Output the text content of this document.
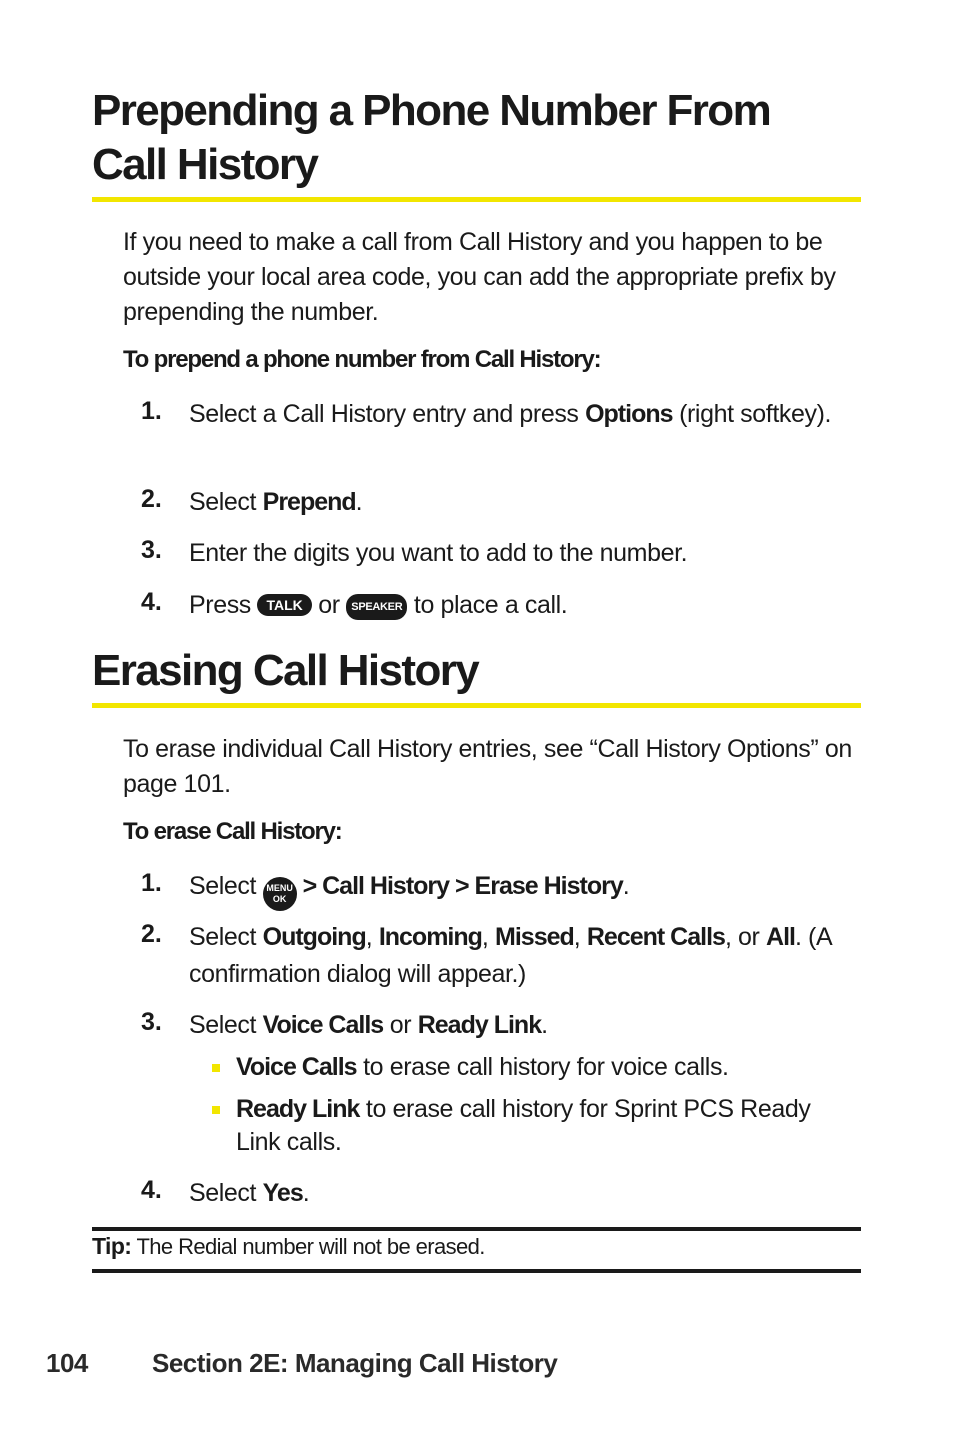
Prepending a Phone Number From
Call History

If you need to make a call from Call History and you happen to be outside your local area code, you can add the appropriate prefix by prepending the number.

To prepend a phone number from Call History:

1.	Select a Call History entry and press Options (right softkey).
2.	Select Prepend.
3.	Enter the digits you want to add to the number.
4.	Press TALK or SPEAKER to place a call.
Erasing Call History

To erase individual Call History entries, see “Call History Options” on page 101.

To erase Call History:

1.	Select MENU
OK > Call History > Erase History.
2.	Select Outgoing, Incoming, Missed, Recent Calls, or All. (A confirmation dialog will appear.)
3.	Select Voice Calls or Ready Link.
Voice Calls to erase call history for voice calls.
Ready Link to erase call history for Sprint PCS Ready Link calls.
4.	Select Yes.
Tip: The Redial number will not be erased.
104 Section 2E: Managing Call History
